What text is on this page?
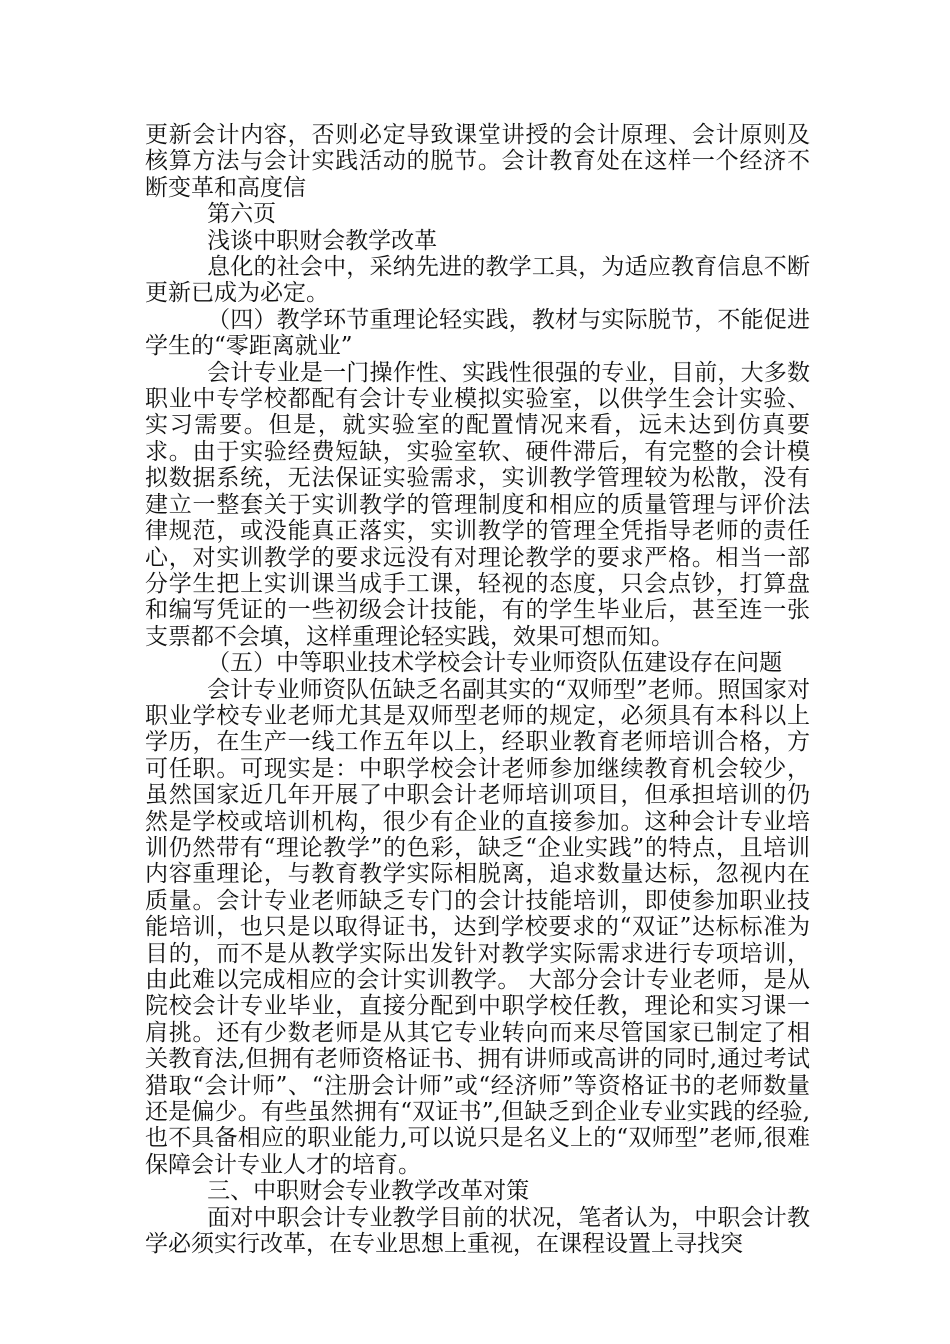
更新会计内容，否则必定导致课堂讲授的会计原理、会计原则及核算方法与会计实践活动的脱节。会计教育处在这样一个经济不断变革和高度信

第六页

浅谈中职财会教学改革

息化的社会中，采纳先进的教学工具，为适应教育信息不断更新已成为必定。

（四）教学环节重理论轻实践，教材与实际脱节，不能促进学生的“零距离就业”

会计专业是一门操作性、实践性很强的专业，目前，大多数职业中专学校都配有会计专业模拟实验室，以供学生会计实验、实习需要。但是，就实验室的配置情况来看，远未达到仿真要求。由于实验经费短缺，实验室软、硬件滞后，有完整的会计模拟数据系统，无法保证实验需求，实训教学管理较为松散，没有建立一整套关于实训教学的管理制度和相应的质量管理与评价法律规范，或没能真正落实，实训教学的管理全凭指导老师的责任心，对实训教学的要求远没有对理论教学的要求严格。相当一部分学生把上实训课当成手工课，轻视的态度，只会点钞，打算盘和编写凭证的一些初级会计技能，有的学生毕业后，甚至连一张支票都不会填，这样重理论轻实践，效果可想而知。

（五）中等职业技术学校会计专业师资队伍建设存在问题

会计专业师资队伍缺乏名副其实的“双师型”老师。照国家对职业学校专业老师尤其是双师型老师的规定，必须具有本科以上学历，在生产一线工作五年以上，经职业教育老师培训合格，方可任职。可现实是：中职学校会计老师参加继续教育机会较少，虽然国家近几年开展了中职会计老师培训项目，但承担培训的仍然是学校或培训机构，很少有企业的直接参加。这种会计专业培训仍然带有“理论教学”的色彩，缺乏“企业实践”的特点，且培训内容重理论，与教育教学实际相脱离，追求数量达标，忽视内在质量。会计专业老师缺乏专门的会计技能培训，即使参加职业技能培训，也只是以取得证书，达到学校要求的“双证”达标标准为目的，而不是从教学实际出发针对教学实际需求进行专项培训，由此难以完成相应的会计实训教学。 大部分会计专业老师，是从院校会计专业毕业，直接分配到中职学校任教，理论和实习课一肩挑。还有少数老师是从其它专业转向而来尽管国家已制定了相关教育法,但拥有老师资格证书、拥有讲师或高讲的同时,通过考试猎取“会计师”、“注册会计师”或“经济师”等资格证书的老师数量还是偏少。有些虽然拥有“双证书”,但缺乏到企业专业实践的经验,也不具备相应的职业能力,可以说只是名义上的“双师型”老师,很难保障会计专业人才的培育。

三、中职财会专业教学改革对策

面对中职会计专业教学目前的状况，笔者认为，中职会计教学必须实行改革，在专业思想上重视，在课程设置上寻找突
